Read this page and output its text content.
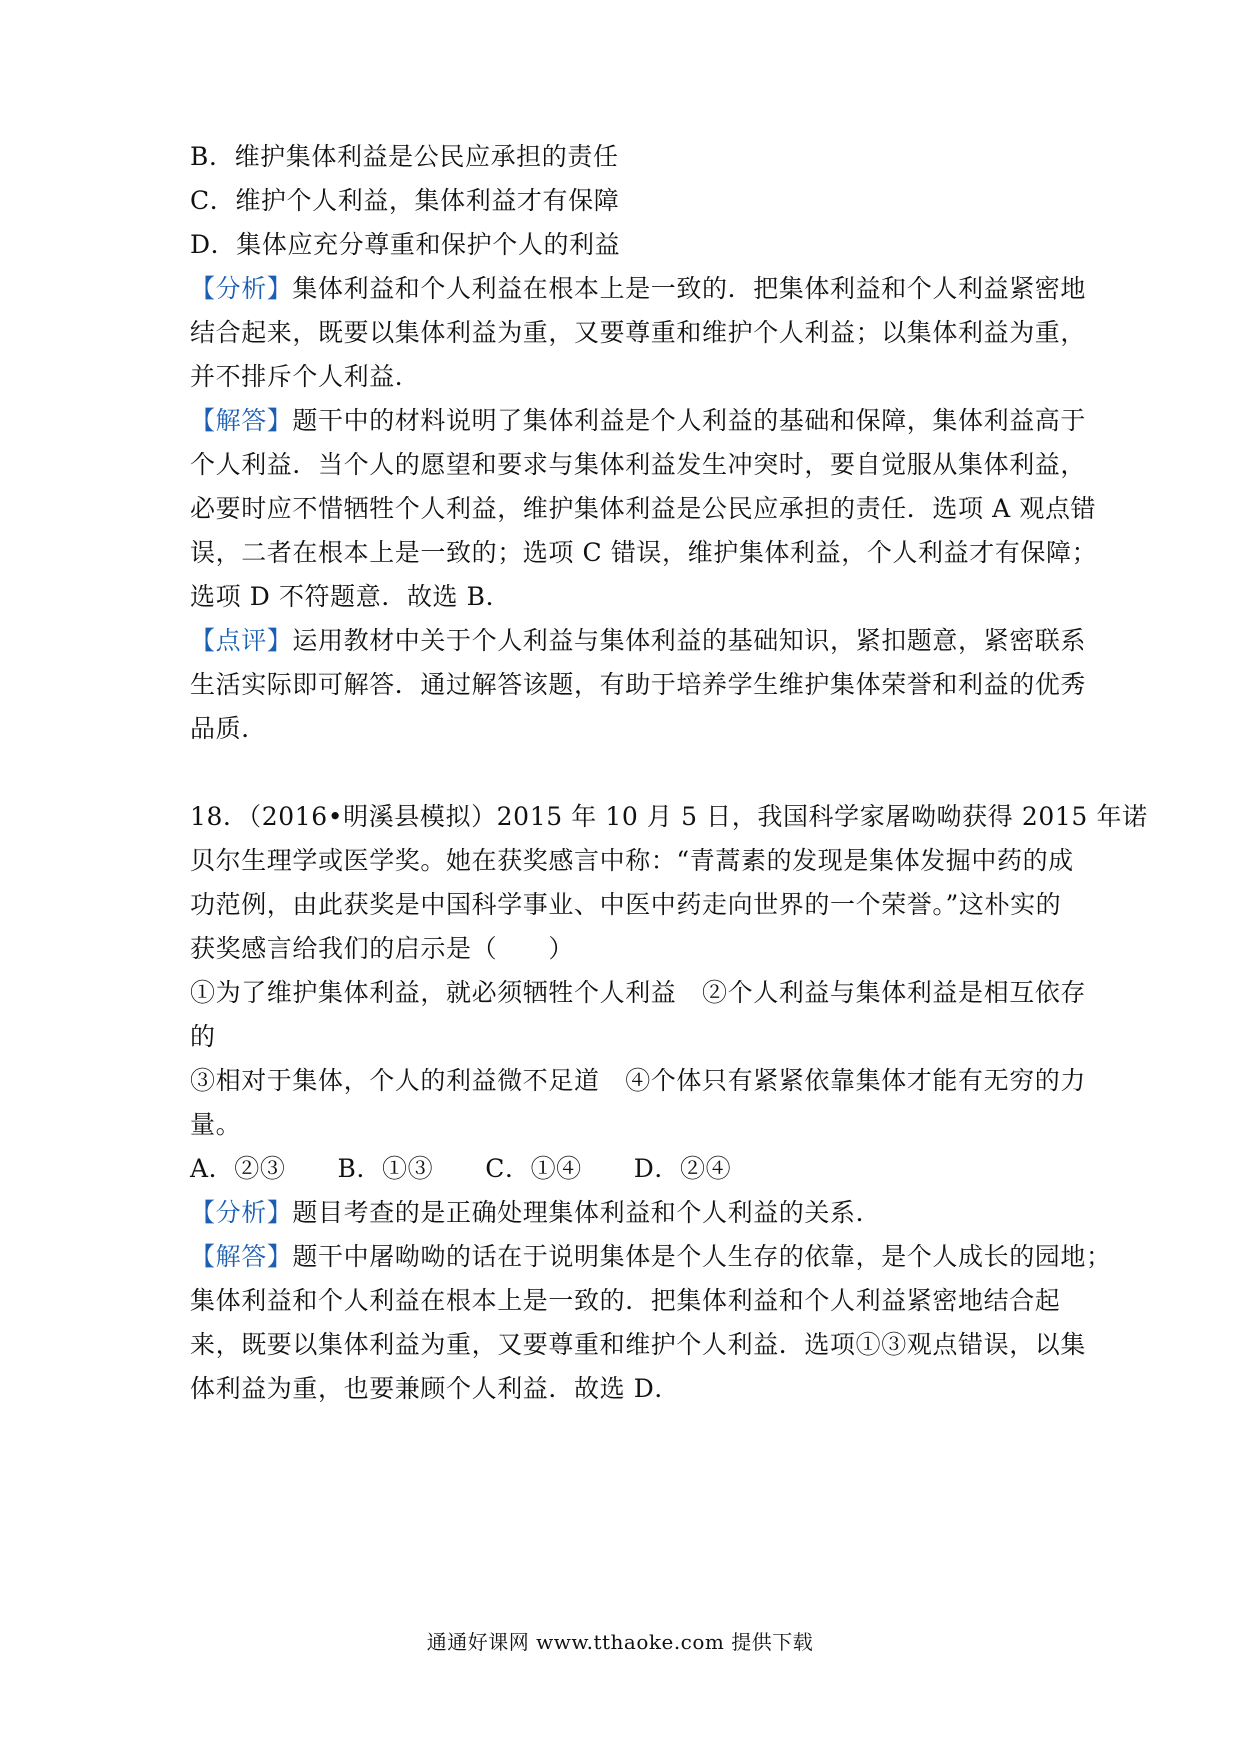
B．维护集体利益是公民应承担的责任
C．维护个人利益，集体利益才有保障
D．集体应充分尊重和保护个人的利益
【分析】集体利益和个人利益在根本上是一致的．把集体利益和个人利益紧密地
结合起来，既要以集体利益为重，又要尊重和维护个人利益；以集体利益为重，
并不排斥个人利益．
【解答】题干中的材料说明了集体利益是个人利益的基础和保障，集体利益高于
个人利益．当个人的愿望和要求与集体利益发生冲突时，要自觉服从集体利益，
必要时应不惜牺牲个人利益，维护集体利益是公民应承担的责任．选项 A 观点错
误，二者在根本上是一致的；选项 C 错误，维护集体利益，个人利益才有保障；
选项 D 不符题意．故选 B．
【点评】运用教材中关于个人利益与集体利益的基础知识，紧扣题意，紧密联系
生活实际即可解答．通过解答该题，有助于培养学生维护集体荣誉和利益的优秀
品质．
18．（2016•明溪县模拟）2015 年 10 月 5 日，我国科学家屠呦呦获得 2015 年诺
贝尔生理学或医学奖。她在获奖感言中称：“青蒿素的发现是集体发掘中药的成
功范例，由此获奖是中国科学事业、中医中药走向世界的一个荣誉。”这朴实的
获奖感言给我们的启示是（　　）
①为了维护集体利益，就必须牺牲个人利益　②个人利益与集体利益是相互依存
的
③相对于集体，个人的利益微不足道　④个体只有紧紧依靠集体才能有无穷的力
量。
A．②③ B．①③ C．①④ D．②④
【分析】题目考查的是正确处理集体利益和个人利益的关系．
【解答】题干中屠呦呦的话在于说明集体是个人生存的依靠，是个人成长的园地；
集体利益和个人利益在根本上是一致的．把集体利益和个人利益紧密地结合起
来，既要以集体利益为重，又要尊重和维护个人利益．选项①③观点错误，以集
体利益为重，也要兼顾个人利益．故选 D．
通通好课网 www.tthaoke.com 提供下载
